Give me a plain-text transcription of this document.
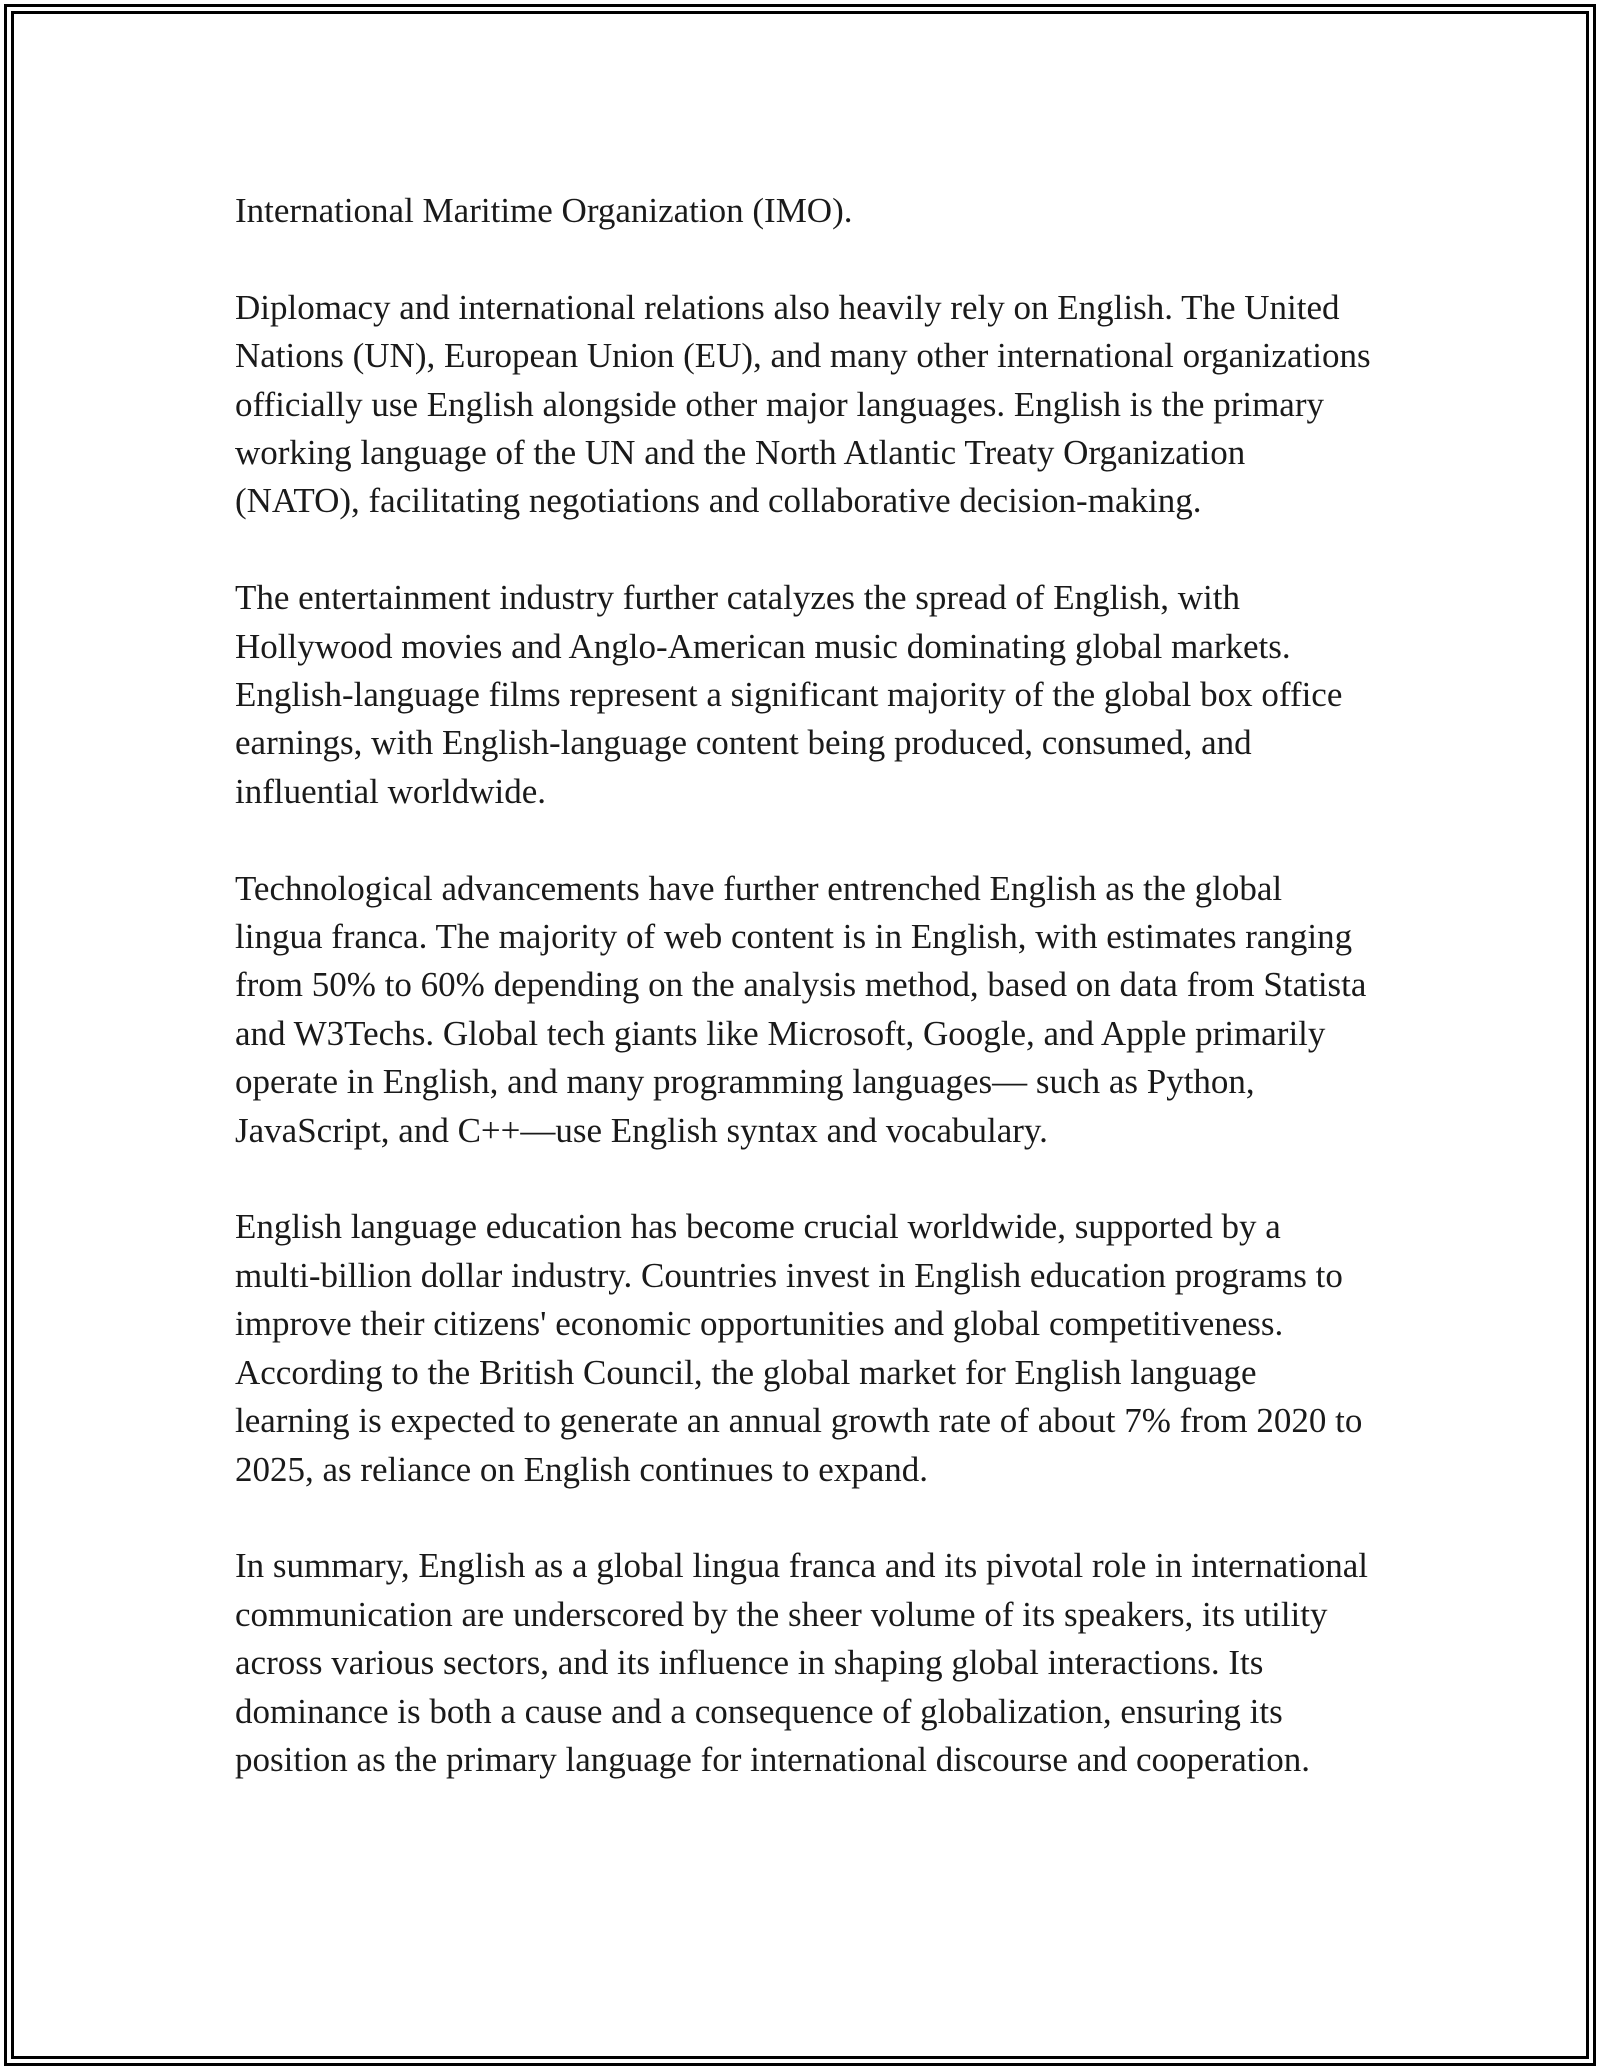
International Maritime Organization (IMO).

Diplomacy and international relations also heavily rely on English. The United Nations (UN), European Union (EU), and many other international organizations officially use English alongside other major languages. English is the primary working language of the UN and the North Atlantic Treaty Organization (NATO), facilitating negotiations and collaborative decision-making.

The entertainment industry further catalyzes the spread of English, with Hollywood movies and Anglo-American music dominating global markets. English-language films represent a significant majority of the global box office earnings, with English-language content being produced, consumed, and influential worldwide.

Technological advancements have further entrenched English as the global lingua franca. The majority of web content is in English, with estimates ranging from 50% to 60% depending on the analysis method, based on data from Statista and W3Techs. Global tech giants like Microsoft, Google, and Apple primarily operate in English, and many programming languages— such as Python, JavaScript, and C++—use English syntax and vocabulary.

English language education has become crucial worldwide, supported by a multi-billion dollar industry. Countries invest in English education programs to improve their citizens' economic opportunities and global competitiveness. According to the British Council, the global market for English language learning is expected to generate an annual growth rate of about 7% from 2020 to 2025, as reliance on English continues to expand.

In summary, English as a global lingua franca and its pivotal role in international communication are underscored by the sheer volume of its speakers, its utility across various sectors, and its influence in shaping global interactions. Its dominance is both a cause and a consequence of globalization, ensuring its position as the primary language for international discourse and cooperation.
